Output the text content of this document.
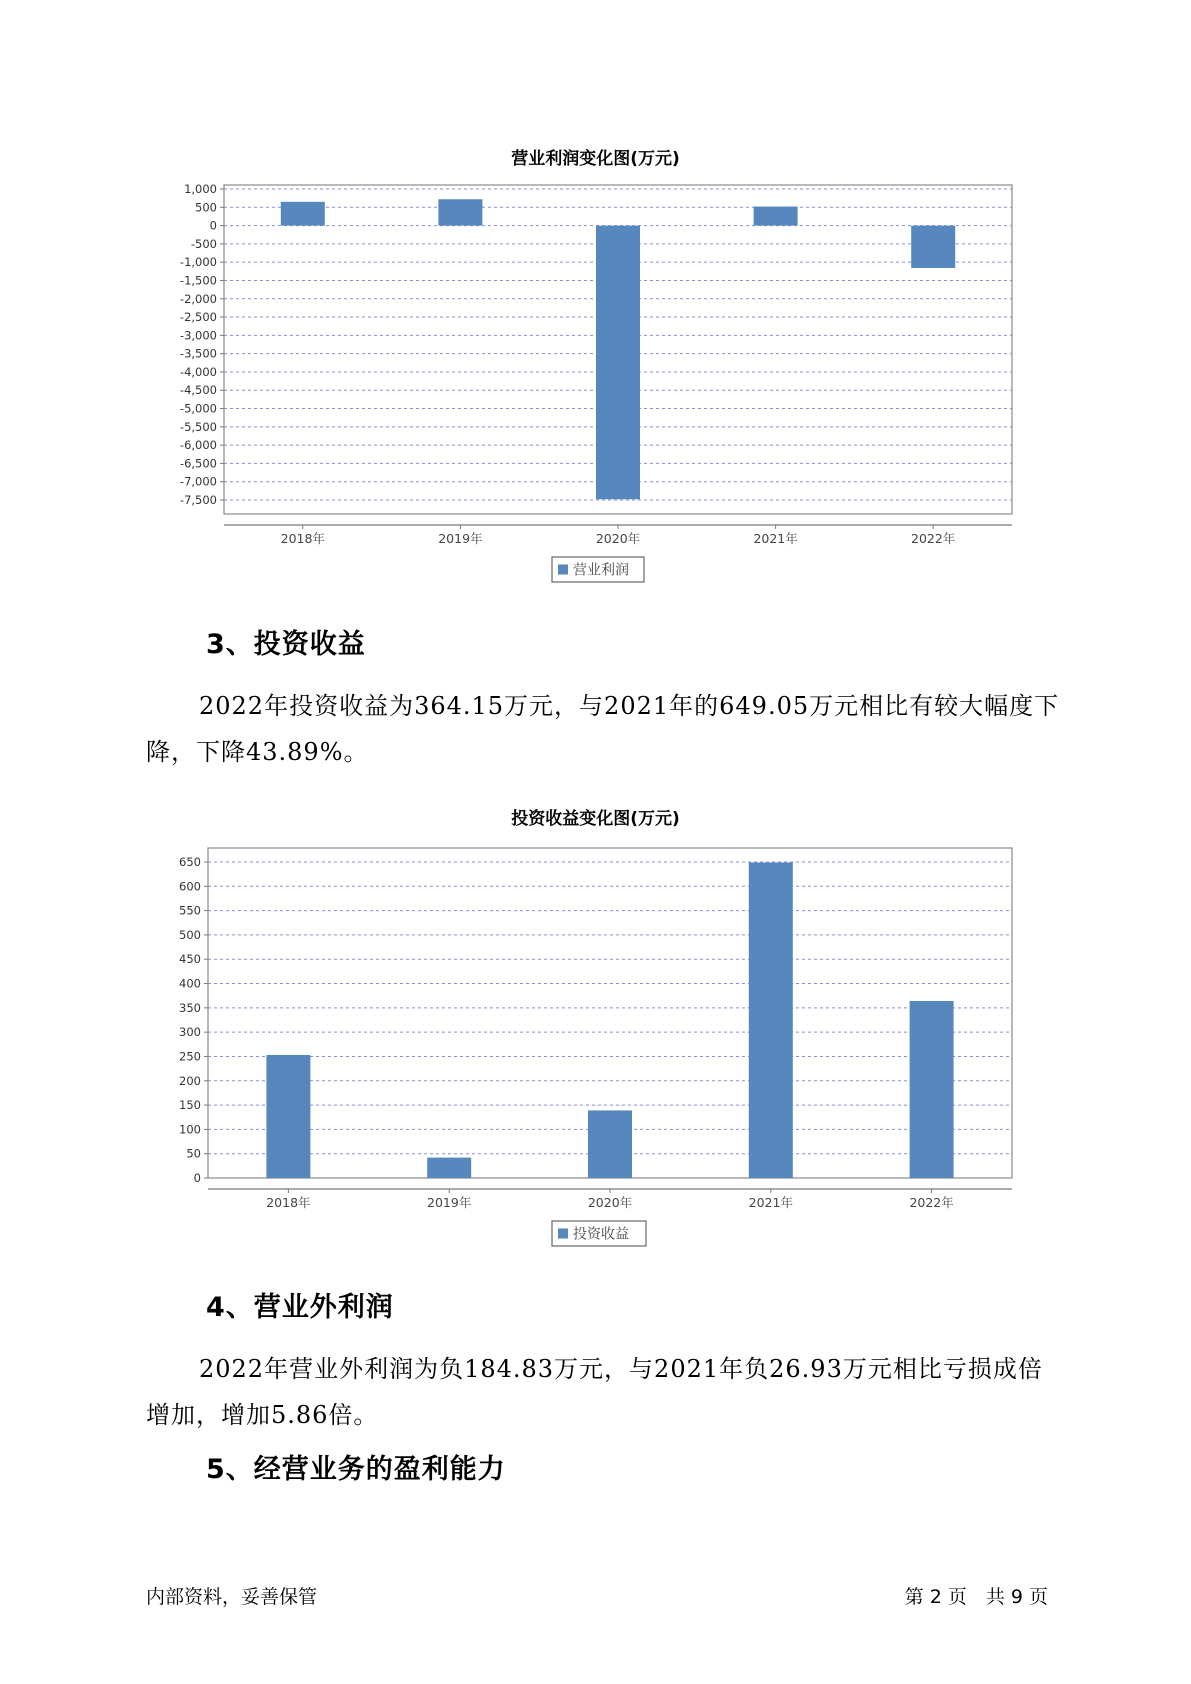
营业利润变化图(万元)
1,000
500
0
-500
-1,000
-1,500
-2,000
-2,500
-3,000
-3,500
-4,000
-4,500
-5,000
-5,500
-6,000
-6,500
-7,000
-7,500
2018年	2019年	2020年	2021年	2022年
营业利润
3、投资收益

2022年投资收益为364.15万元，与2021年的649.05万元相比有较大幅度下降，下降43.89%。

投资收益变化图(万元)
650
600
550
500
450
400
350
300
250
200
150
100
50
0
2018年	2019年	2020年	2021年	2022年
投资收益
4、营业外利润

2022年营业外利润为负184.83万元，与2021年负26.93万元相比亏损成倍增加，增加5.86倍。

5、经营业务的盈利能力
内部资料，妥善保管	第 2 页　共 9 页
